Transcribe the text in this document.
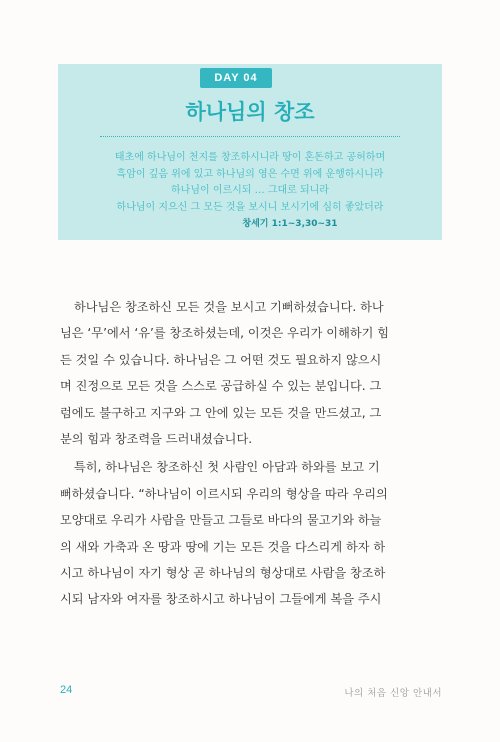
DAY 04
하나님의 창조
태초에 하나님이 천지를 창조하시니라 땅이 혼돈하고 공허하며
흑암이 깊음 위에 있고 하나님의 영은 수면 위에 운행하시니라
하나님이 이르시되 … 그대로 되니라
하나님이 지으신 그 모든 것을 보시니 보시기에 심히 좋았더라
창세기 1:1~3,30~31
하나님은 창조하신 모든 것을 보시고 기뻐하셨습니다. 하나
님은 ‘무’에서 ‘유’를 창조하셨는데, 이것은 우리가 이해하기 힘
든 것일 수 있습니다. 하나님은 그 어떤 것도 필요하지 않으시
며 진정으로 모든 것을 스스로 공급하실 수 있는 분입니다. 그
럼에도 불구하고 지구와 그 안에 있는 모든 것을 만드셨고, 그
분의 힘과 창조력을 드러내셨습니다.
특히, 하나님은 창조하신 첫 사람인 아담과 하와를 보고 기
뻐하셨습니다. “하나님이 이르시되 우리의 형상을 따라 우리의
모양대로 우리가 사람을 만들고 그들로 바다의 물고기와 하늘
의 새와 가축과 온 땅과 땅에 기는 모든 것을 다스리게 하자 하
시고 하나님이 자기 형상 곧 하나님의 형상대로 사람을 창조하
시되 남자와 여자를 창조하시고 하나님이 그들에게 복을 주시
24	나의 처음 신앙 안내서
